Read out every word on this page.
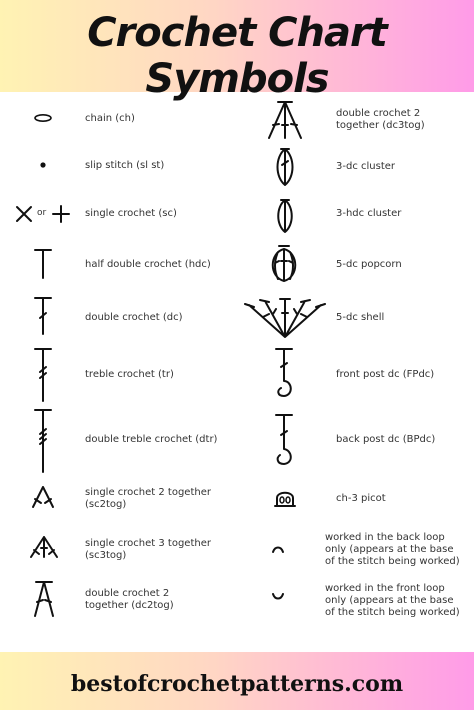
Crochet Chart Symbols
chain (ch)
slip stitch (sl st)
or	single crochet (sc)
half double crochet (hdc)
double crochet (dc)
treble crochet (tr)
double treble crochet (dtr)
single crochet 2 together (sc2tog)
single crochet 3 together (sc3tog)
double crochet 2 together (dc2tog)
double crochet 2 together (dc3tog)
3-dc cluster
3-hdc cluster
5-dc popcorn
5-dc shell
front post dc (FPdc)
back post dc (BPdc)
ch-3 picot
worked in the back loop only (appears at the base of the stitch being worked)
worked in the front loop only (appears at the base of the stitch being worked)
bestofcrochetpatterns.com
